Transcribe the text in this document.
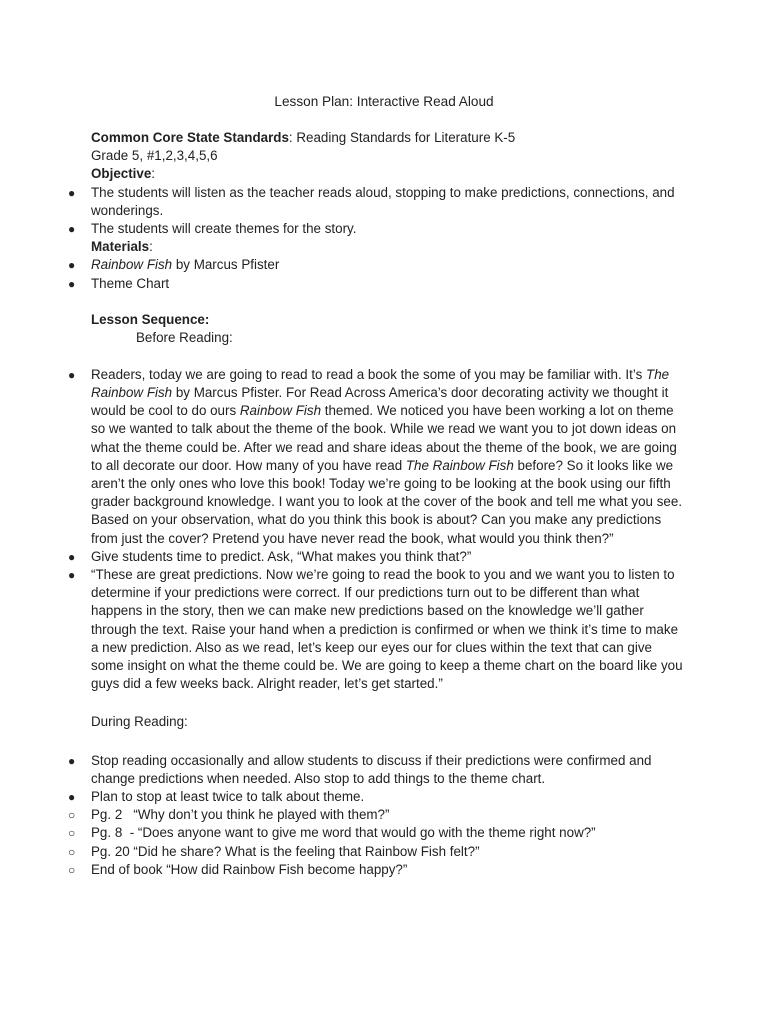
Lesson Plan: Interactive Read Aloud

Common Core State Standards: Reading Standards for Literature K-5

Grade 5, #1,2,3,4,5,6

Objective:

●	The students will listen as the teacher reads aloud, stopping to make predictions, connections, and wonderings.
●	The students will create themes for the story.

Materials:

●	Rainbow Fish by Marcus Pfister
●	Theme Chart

Lesson Sequence:

Before Reading:

●	Readers, today we are going to read to read a book the some of you may be familiar with. It’s The Rainbow Fish by Marcus Pfister. For Read Across America’s door decorating activity we thought it would be cool to do ours Rainbow Fish themed. We noticed you have been working a lot on theme so we wanted to talk about the theme of the book. While we read we want you to jot down ideas on what the theme could be. After we read and share ideas about the theme of the book, we are going to all decorate our door. How many of you have read The Rainbow Fish before? So it looks like we aren’t the only ones who love this book! Today we’re going to be looking at the book using our fifth grader background knowledge. I want you to look at the cover of the book and tell me what you see. Based on your observation, what do you think this book is about? Can you make any predictions from just the cover? Pretend you have never read the book, what would you think then?”
●	Give students time to predict. Ask, “What makes you think that?”
●	“These are great predictions. Now we’re going to read the book to you and we want you to listen to determine if your predictions were correct. If our predictions turn out to be different than what happens in the story, then we can make new predictions based on the knowledge we’ll gather through the text. Raise your hand when a prediction is confirmed or when we think it’s time to make a new prediction. Also as we read, let’s keep our eyes our for clues within the text that can give some insight on what the theme could be. We are going to keep a theme chart on the board like you guys did a few weeks back. Alright reader, let’s get started.”

During Reading:

●	Stop reading occasionally and allow students to discuss if their predictions were confirmed and change predictions when needed. Also stop to add things to the theme chart.
●	Plan to stop at least twice to talk about theme.
○	Pg. 2   “Why don’t you think he played with them?”
○	Pg. 8  - “Does anyone want to give me word that would go with the theme right now?”
○	Pg. 20 “Did he share? What is the feeling that Rainbow Fish felt?”
○	End of book “How did Rainbow Fish become happy?”
